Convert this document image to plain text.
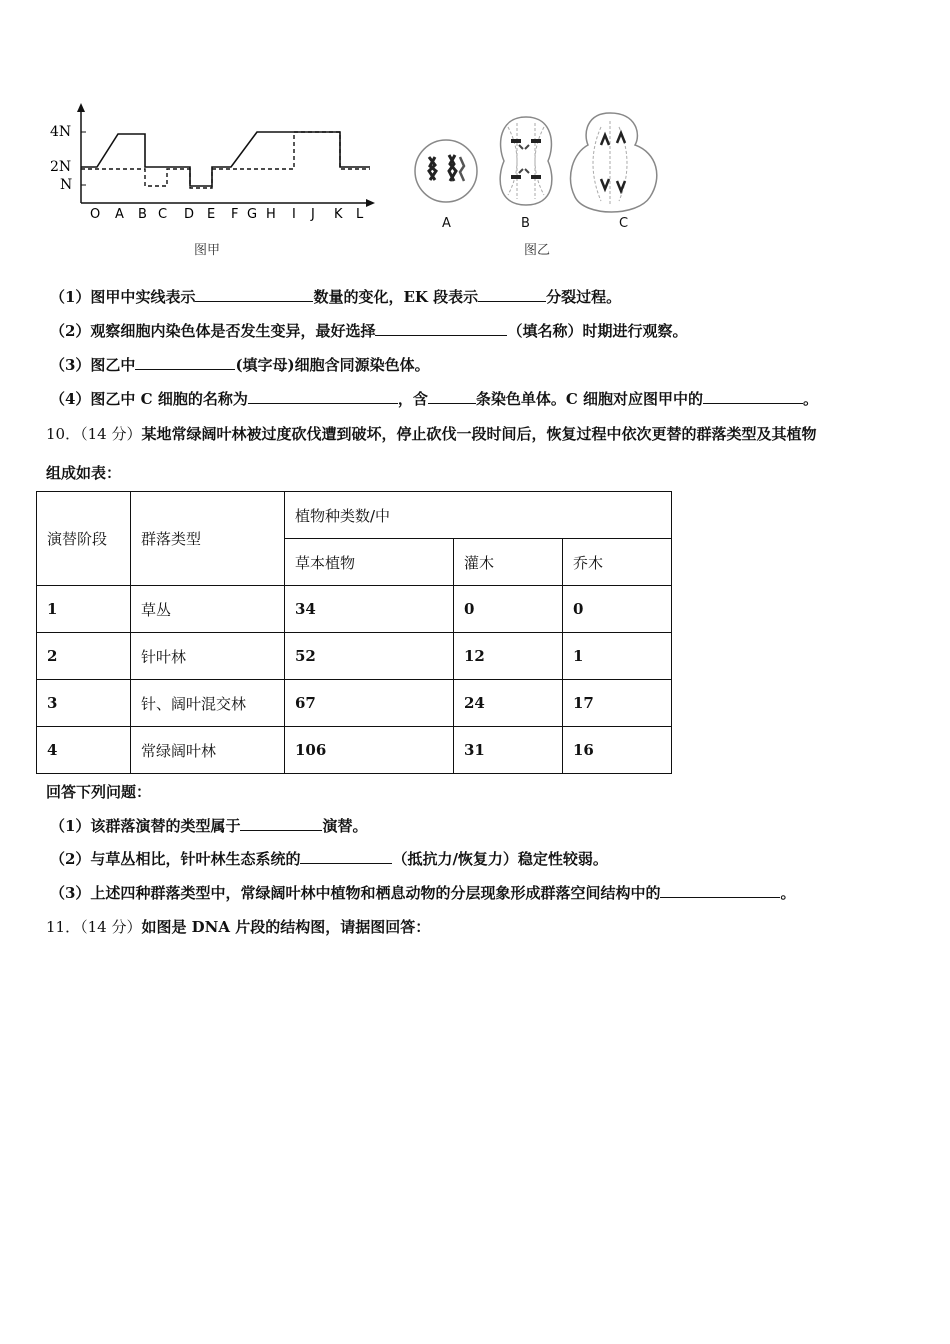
4N
2N
N
O A B C D E F G H I J K L
图甲
A	B	C
图乙
（1）图甲中实线表示	数量的变化，EK 段表示	分裂过程。
（2）观察细胞内染色体是否发生变异，最好选择	（填名称）时期进行观察。
（3）图乙中	(填字母)细胞含同源染色体。
（4）图乙中 C 细胞的名称为	，含	条染色单体。C 细胞对应图甲中的	。
10．（14 分）某地常绿阔叶林被过度砍伐遭到破坏，停止砍伐一段时间后，恢复过程中依次更替的群落类型及其植物
组成如表：
演替阶段	群落类型	植物种类数/中		
		草本植物	灌木	乔木
1	草丛	34	0	0
2	针叶林	52	12	1
3	针、阔叶混交林	67	24	17
4	常绿阔叶林	106	31	16
回答下列问题：
（1）该群落演替的类型属于	演替。
（2）与草丛相比，针叶林生态系统的	（抵抗力/恢复力）稳定性较弱。
（3）上述四种群落类型中，常绿阔叶林中植物和栖息动物的分层现象形成群落空间结构中的	。
11．（14 分）如图是 DNA 片段的结构图，请据图回答：
